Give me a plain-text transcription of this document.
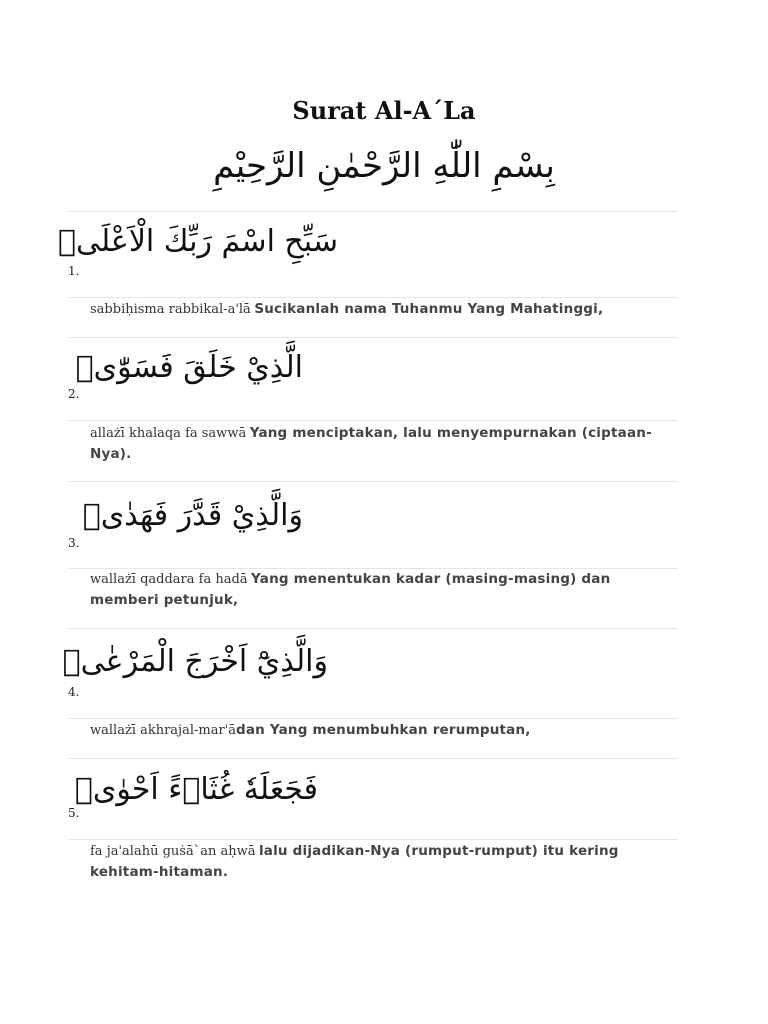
Surat Al-A´La
بِسْمِ اللّٰهِ الرَّحْمٰنِ الرَّحِيْمِ
سَبِّحِ اسْمَ رَبِّكَ الْاَعْلَىۙ
1.
sabbiḥisma rabbikal-a'lā Sucikanlah nama Tuhanmu Yang Mahatinggi,
الَّذِيْ خَلَقَ فَسَوّٰىۖ
2.
allażī khalaqa fa sawwā Yang menciptakan, lalu menyempurnakan (ciptaan-Nya).
وَالَّذِيْ قَدَّرَ فَهَدٰىۖ
3.
wallażī qaddara fa hadā Yang menentukan kadar (masing-masing) dan memberi petunjuk,
وَالَّذِيْٓ اَخْرَجَ الْمَرْعٰىۖ
4.
wallażī akhrajal-mar'ādan Yang menumbuhkan rerumputan,
فَجَعَلَهٗ غُثَاۤءً اَحْوٰىۖ
5.
fa ja'alahū guṡā`an aḥwā lalu dijadikan-Nya (rumput-rumput) itu kering kehitam-hitaman.
